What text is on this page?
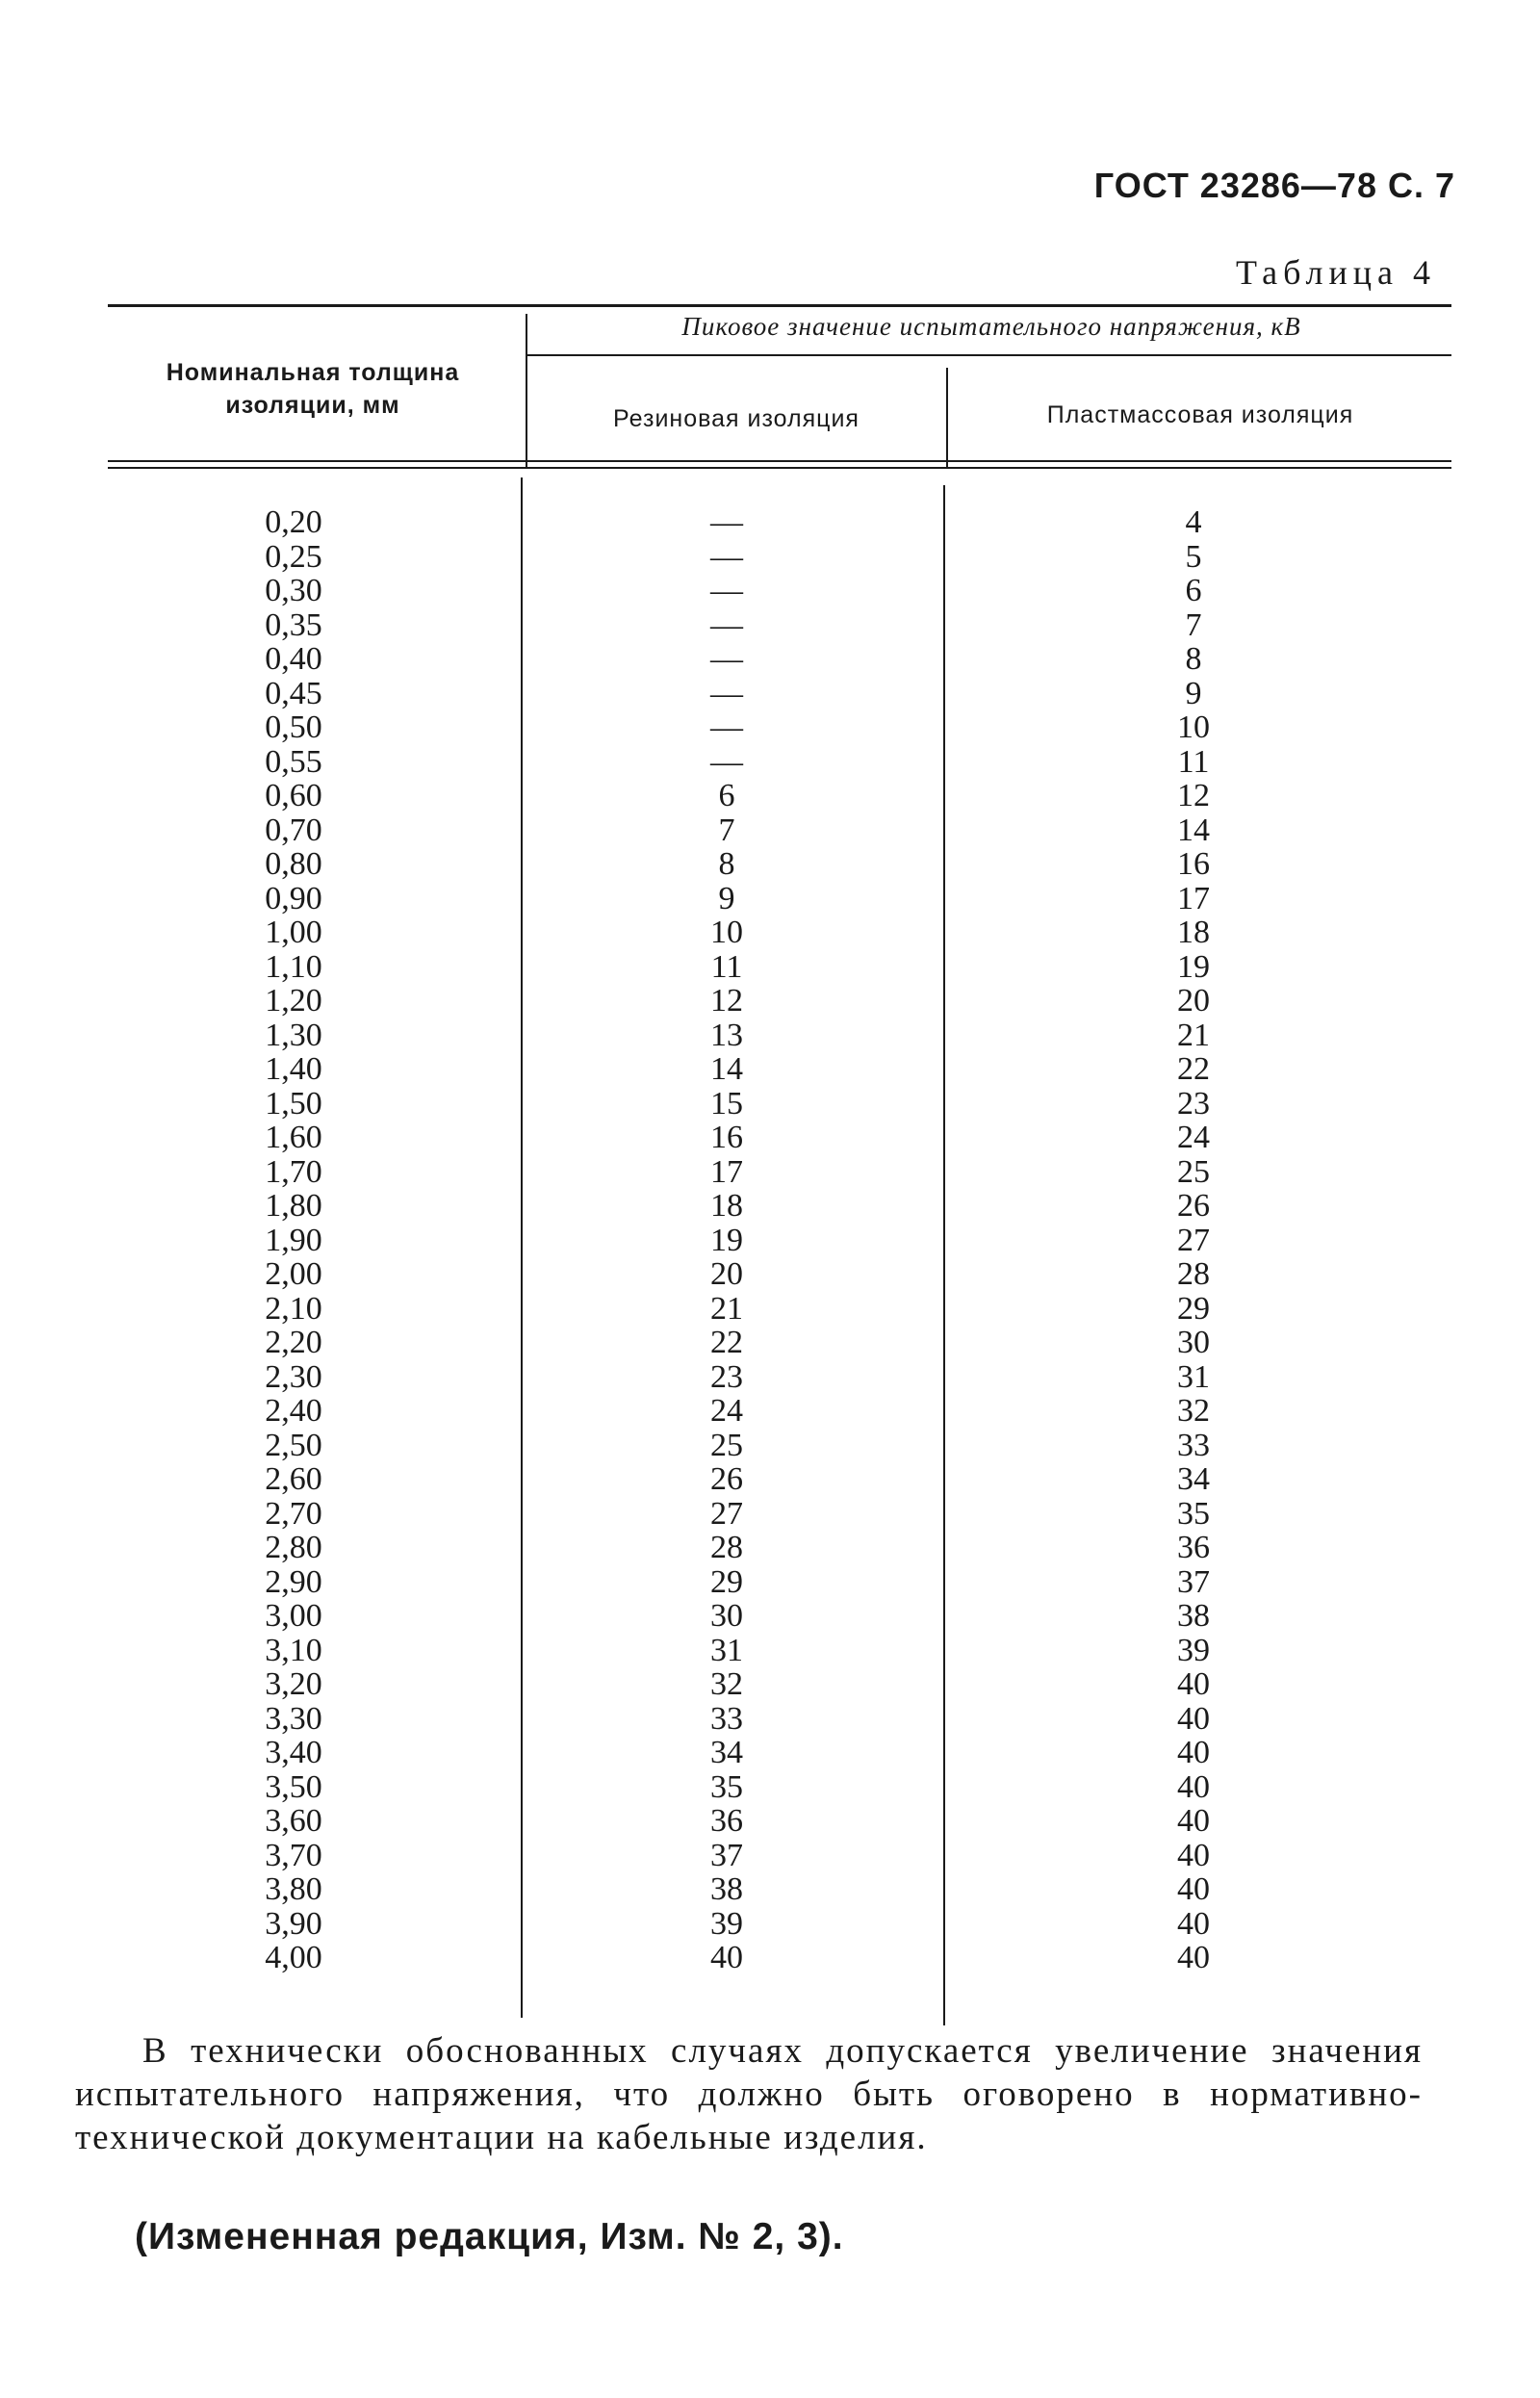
ГОСТ 23286—78 С. 7
Таблица 4
Номинальная толщина изоляции, мм
Пиковое значение испытательного напряжения, кВ
Резиновая изоляция	Пластмассовая изоляция
0,20
0,25
0,30
0,35
0,40
0,45
0,50
0,55
0,60
0,70
0,80
0,90
1,00
1,10
1,20
1,30
1,40
1,50
1,60
1,70
1,80
1,90
2,00
2,10
2,20
2,30
2,40
2,50
2,60
2,70
2,80
2,90
3,00
3,10
3,20
3,30
3,40
3,50
3,60
3,70
3,80
3,90
4,00
—
—
—
—
—
—
—
—
6
7
8
9
10
11
12
13
14
15
16
17
18
19
20
21
22
23
24
25
26
27
28
29
30
31
32
33
34
35
36
37
38
39
40
4
5
6
7
8
9
10
11
12
14
16
17
18
19
20
21
22
23
24
25
26
27
28
29
30
31
32
33
34
35
36
37
38
39
40
40
40
40
40
40
40
40
40
В технически обоснованных случаях допускается увеличение значения испытательного напряжения, что должно быть оговорено в нормативно-технической документации на кабельные изделия.
(Измененная редакция, Изм. № 2, 3).
